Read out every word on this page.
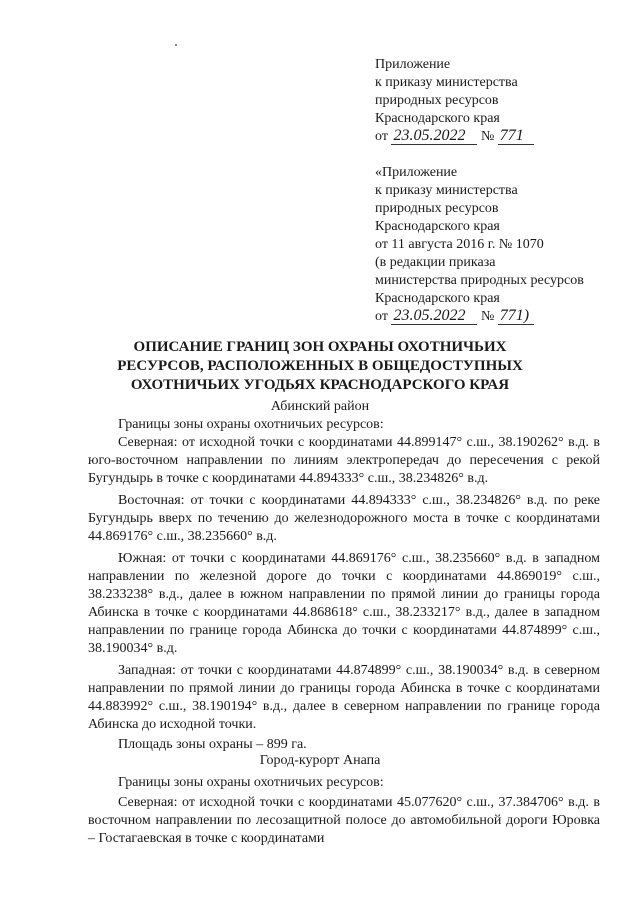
Приложение
к приказу министерства
природных ресурсов
Краснодарского края
от 23.05.2022 № 771
«Приложение
к приказу министерства
природных ресурсов
Краснодарского края
от 11 августа 2016 г. № 1070
(в редакции приказа
министерства природных ресурсов
Краснодарского края
от 23.05.2022 № 771)
ОПИСАНИЕ ГРАНИЦ ЗОН ОХРАНЫ ОХОТНИЧЬИХ
РЕСУРСОВ, РАСПОЛОЖЕННЫХ В ОБЩЕДОСТУПНЫХ
ОХОТНИЧЬИХ УГОДЬЯХ КРАСНОДАРСКОГО КРАЯ
Абинский район

Границы зоны охраны охотничьих ресурсов:

Северная: от исходной точки с координатами 44.899147° с.ш., 38.190262° в.д. в юго-восточном направлении по линиям электропередач до пересечения с рекой Бугундырь в точке с координатами 44.894333° с.ш., 38.234826° в.д.

Восточная: от точки с координатами 44.894333° с.ш., 38.234826° в.д. по реке Бугундырь вверх по течению до железнодорожного моста в точке с координатами 44.869176° с.ш., 38.235660° в.д.

Южная: от точки с координатами 44.869176° с.ш., 38.235660° в.д. в западном направлении по железной дороге до точки с координатами 44.869019° с.ш., 38.233238° в.д., далее в южном направлении по прямой линии до границы города Абинска в точке с координатами 44.868618° с.ш., 38.233217° в.д., далее в западном направлении по границе города Абинска до точки с координатами 44.874899° с.ш., 38.190034° в.д.

Западная: от точки с координатами 44.874899° с.ш., 38.190034° в.д. в северном направлении по прямой линии до границы города Абинска в точке с координатами 44.883992° с.ш., 38.190194° в.д., далее в северном направлении по границе города Абинска до исходной точки.

Площадь зоны охраны – 899 га.

Город-курорт Анапа

Границы зоны охраны охотничьих ресурсов:

Северная: от исходной точки с координатами 45.077620° с.ш., 37.384706° в.д. в восточном направлении по лесозащитной полосе до автомобильной дороги Юровка – Гостагаевская в точке с координатами
